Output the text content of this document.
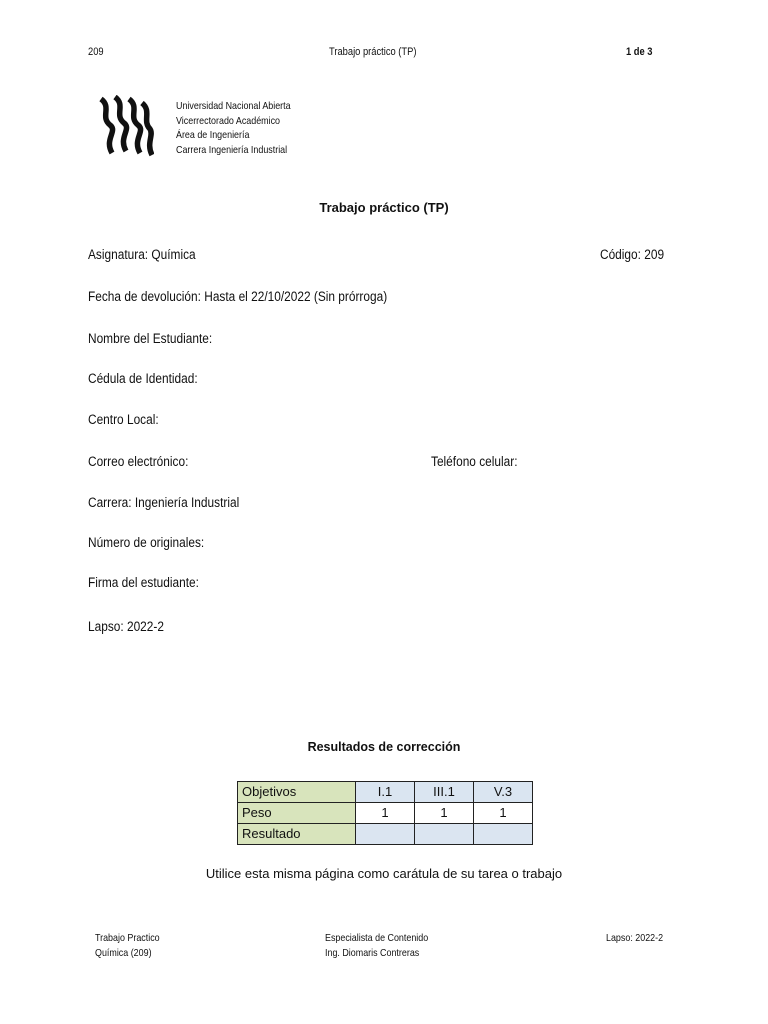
209	Trabajo práctico (TP)	1 de 3
Universidad Nacional Abierta
Vicerrectorado Académico
Área de Ingeniería
Carrera Ingeniería Industrial
Trabajo práctico (TP)
Asignatura: Química	Código: 209
Fecha de devolución: Hasta el 22/10/2022 (Sin prórroga)
Nombre del Estudiante:
Cédula de Identidad:
Centro Local:
Correo electrónico:	Teléfono celular:
Carrera: Ingeniería Industrial
Número de originales:
Firma del estudiante:
Lapso: 2022-2
Resultados de corrección
Objetivos	I.1	III.1	V.3
Peso	1	1	1
Resultado			
Utilice esta misma página como carátula de su tarea o trabajo
Trabajo Practico
Química (209)
Especialista de Contenido
Ing. Diomaris Contreras
Lapso: 2022-2
